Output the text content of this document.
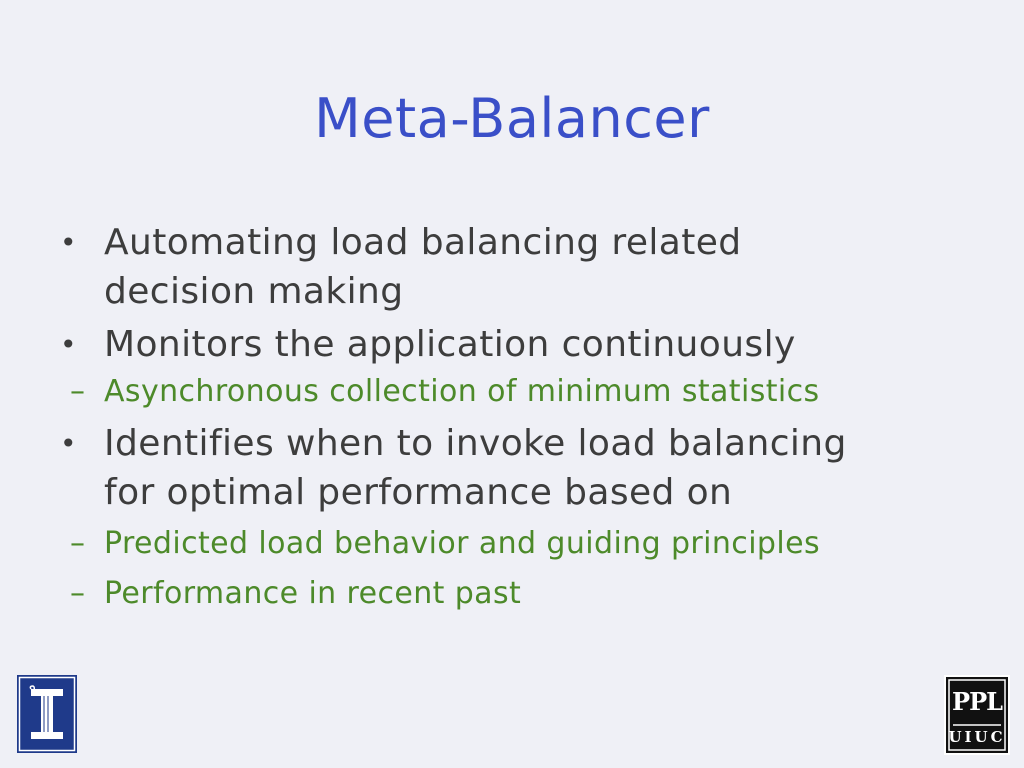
Meta-Balancer
• Automating load balancing related
decision making
• Monitors the application continuously
– Asynchronous collection of minimum statistics
• Identifies when to invoke load balancing
for optimal performance based on
– Predicted load behavior and guiding principles
– Performance in recent past
PPL
UIUC
